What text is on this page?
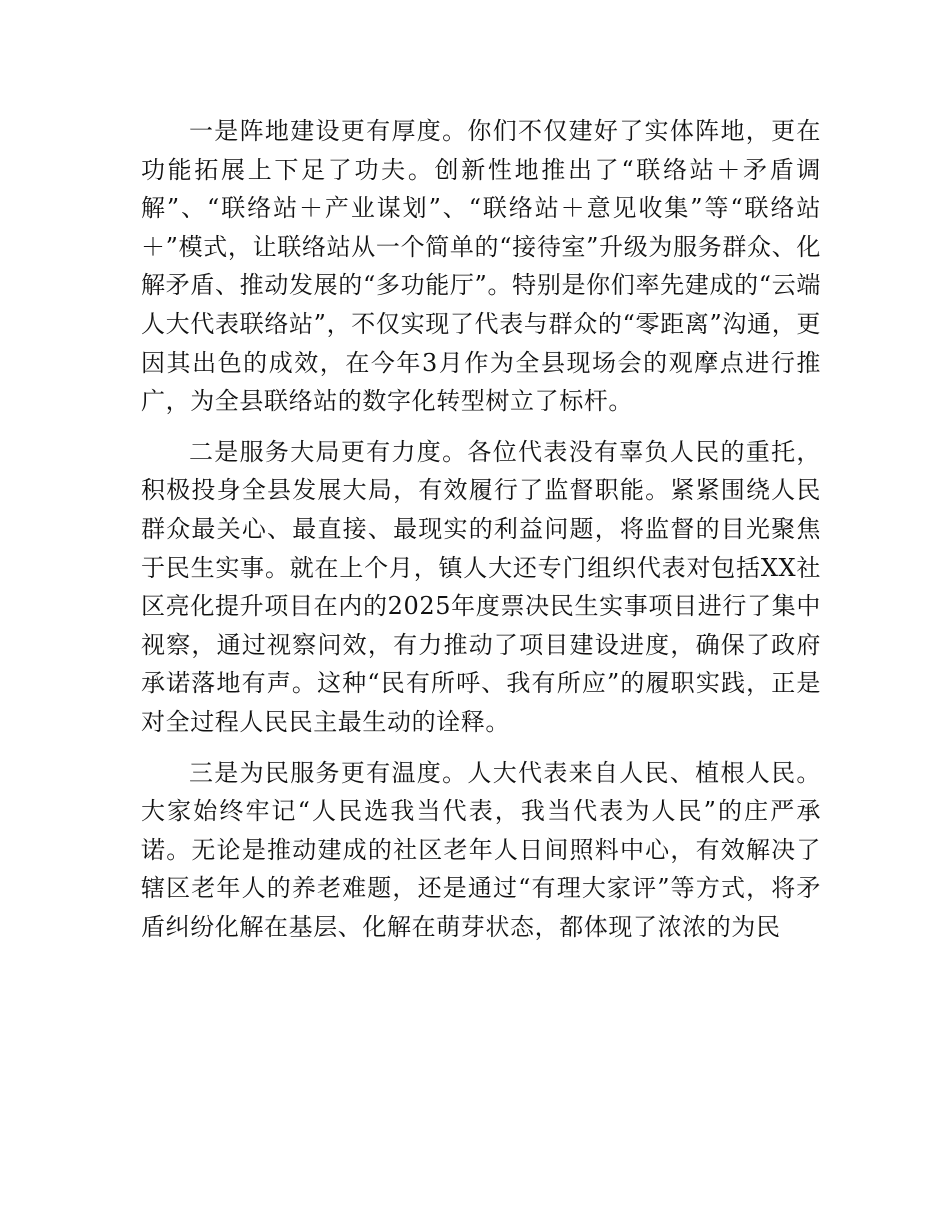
一是阵地建设更有厚度。你们不仅建好了实体阵地，更在功能拓展上下足了功夫。创新性地推出了“联络站＋矛盾调解”、“联络站＋产业谋划”、“联络站＋意见收集”等“联络站＋”模式，让联络站从一个简单的“接待室”升级为服务群众、化解矛盾、推动发展的“多功能厅”。特别是你们率先建成的“云端人大代表联络站”，不仅实现了代表与群众的“零距离”沟通，更因其出色的成效，在今年3月作为全县现场会的观摩点进行推广，为全县联络站的数字化转型树立了标杆。

二是服务大局更有力度。各位代表没有辜负人民的重托，积极投身全县发展大局，有效履行了监督职能。紧紧围绕人民群众最关心、最直接、最现实的利益问题，将监督的目光聚焦于民生实事。就在上个月，镇人大还专门组织代表对包括XX社区亮化提升项目在内的2025年度票决民生实事项目进行了集中视察，通过视察问效，有力推动了项目建设进度，确保了政府承诺落地有声。这种“民有所呼、我有所应”的履职实践，正是对全过程人民民主最生动的诠释。

三是为民服务更有温度。人大代表来自人民、植根人民。大家始终牢记“人民选我当代表，我当代表为人民”的庄严承诺。无论是推动建成的社区老年人日间照料中心，有效解决了辖区老年人的养老难题，还是通过“有理大家评”等方式，将矛盾纠纷化解在基层、化解在萌芽状态，都体现了浓浓的为民
